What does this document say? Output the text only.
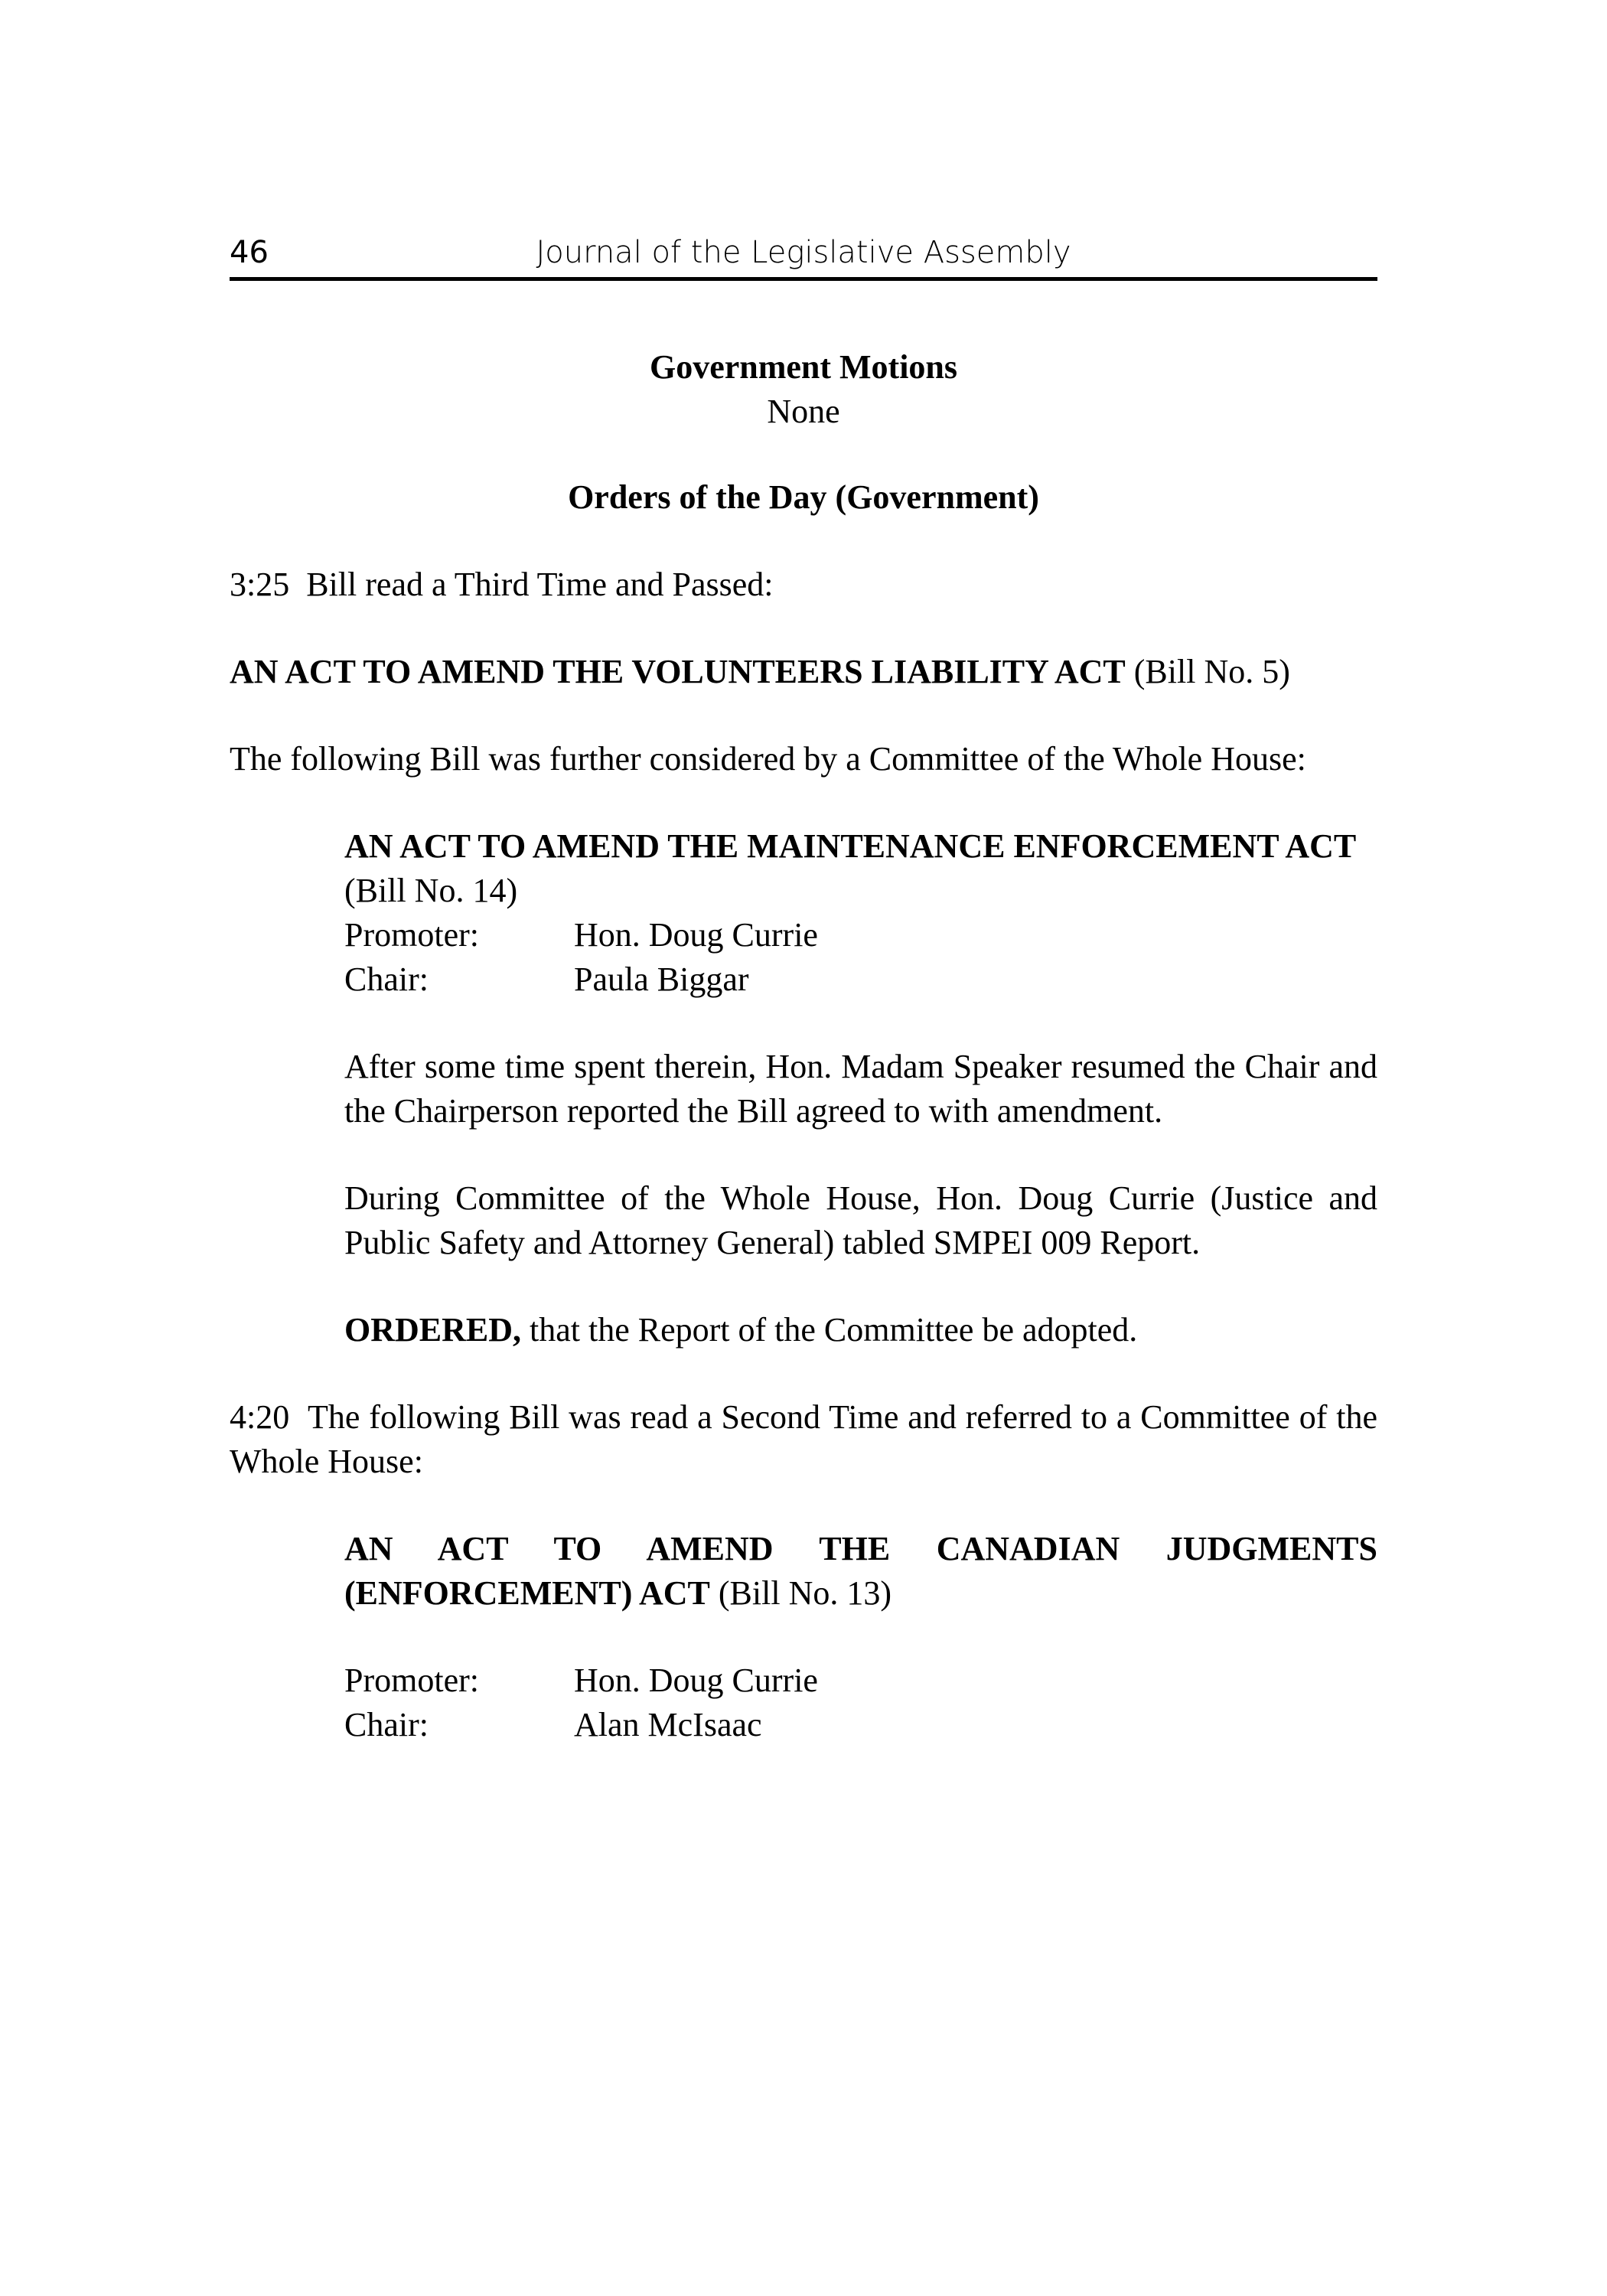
46	Journal of the Legislative Assembly
Government Motions
None
Orders of the Day (Government)

3:25 Bill read a Third Time and Passed:

AN ACT TO AMEND THE VOLUNTEERS LIABILITY ACT (Bill No. 5)

The following Bill was further considered by a Committee of the Whole House:

AN ACT TO AMEND THE MAINTENANCE ENFORCEMENT ACT (Bill No. 14)

Promoter:	Hon. Doug Currie
Chair:	Paula Biggar

After some time spent therein, Hon. Madam Speaker resumed the Chair and the Chairperson reported the Bill agreed to with amendment.

During Committee of the Whole House, Hon. Doug Currie (Justice and Public Safety and Attorney General) tabled SMPEI 009 Report.

ORDERED, that the Report of the Committee be adopted.

4:20 The following Bill was read a Second Time and referred to a Committee of the Whole House:

AN ACT TO AMEND THE CANADIAN JUDGMENTS (ENFORCEMENT) ACT (Bill No. 13)

Promoter:	Hon. Doug Currie
Chair:	Alan McIsaac
